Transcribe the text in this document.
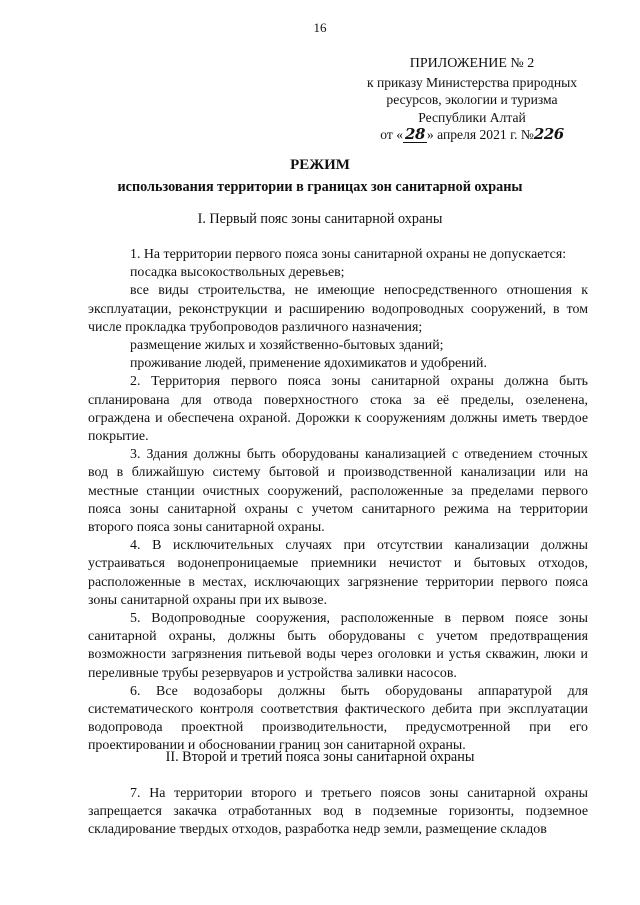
16
ПРИЛОЖЕНИЕ № 2
к приказу Министерства природных
ресурсов, экологии и туризма
Республики Алтай
от « 28 » апреля 2021 г. №226
РЕЖИМ
использования территории в границах зон санитарной охраны
I. Первый пояс зоны санитарной охраны

1. На территории первого пояса зоны санитарной охраны не допускается:

посадка высокоствольных деревьев;

все виды строительства, не имеющие непосредственного отношения к эксплуатации, реконструкции и расширению водопроводных сооружений, в том числе прокладка трубопроводов различного назначения;

размещение жилых и хозяйственно-бытовых зданий;

проживание людей, применение ядохимикатов и удобрений.

2. Территория первого пояса зоны санитарной охраны должна быть спланирована для отвода поверхностного стока за её пределы, озеленена, ограждена и обеспечена охраной. Дорожки к сооружениям должны иметь твердое покрытие.

3. Здания должны быть оборудованы канализацией с отведением сточных вод в ближайшую систему бытовой и производственной канализации или на местные станции очистных сооружений, расположенные за пределами первого пояса зоны санитарной охраны с учетом санитарного режима на территории второго пояса зоны санитарной охраны.

4. В исключительных случаях при отсутствии канализации должны устраиваться водонепроницаемые приемники нечистот и бытовых отходов, расположенные в местах, исключающих загрязнение территории первого пояса зоны санитарной охраны при их вывозе.

5. Водопроводные сооружения, расположенные в первом поясе зоны санитарной охраны, должны быть оборудованы с учетом предотвращения возможности загрязнения питьевой воды через оголовки и устья скважин, люки и переливные трубы резервуаров и устройства заливки насосов.

6. Все водозаборы должны быть оборудованы аппаратурой для систематического контроля соответствия фактического дебита при эксплуатации водопровода проектной производительности, предусмотренной при его проектировании и обосновании границ зон санитарной охраны.

II. Второй и третий пояса зоны санитарной охраны

7. На территории второго и третьего поясов зоны санитарной охраны запрещается закачка отработанных вод в подземные горизонты, подземное складирование твердых отходов, разработка недр земли, размещение складов
